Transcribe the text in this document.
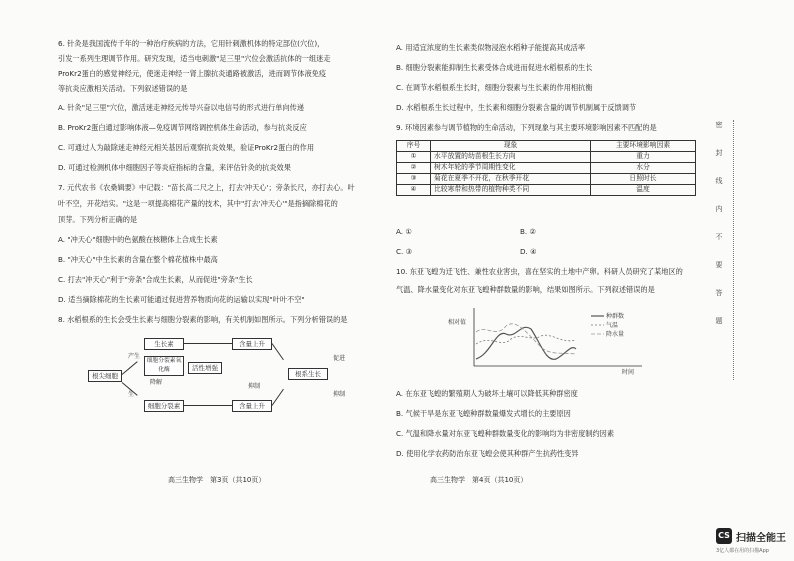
6. 针灸是我国流传千年的一种治疗疾病的方法，它用针刺激机体的特定部位(穴位)，

引发一系列生理调节作用。研究发现，适当电刺激"足三里"穴位会激活抗体的一组迷走

ProKr2蛋白的感觉神经元，使迷走神经一肾上腺抗炎通路被激活，进而调节体液免疫

等抗炎应激相关活动。下列叙述错误的是

A. 针灸"足三里"穴位，激活迷走神经元传导兴奋以电信号的形式进行单向传递

B. ProKr2蛋白通过影响体液—免疫调节网络调控机体生命活动，参与抗炎反应

C. 可通过人为敲除迷走神经元相关基因后观察抗炎效果，验证ProKr2蛋白的作用

D. 可通过检测机体中细胞因子等炎症指标的含量，来评估针灸的抗炎效果

7. 元代农书《农桑辑要》中记载："苗长高二尺之上，打去'冲天心'；旁条长尺，亦打去心。叶

叶不空，开花结实。"这是一项提高棉花产量的技术，其中"打去'冲天心'"是指摘除棉花的

顶芽。下列分析正确的是

A. "冲天心"细胞中的色氨酸在核糖体上合成生长素

B. "冲天心"中生长素的含量在整个棉花植株中最高

C. 打去"冲天心"利于"旁条"合成生长素，从而促进"旁条"生长

D. 适当摘除棉花的生长素可能通过促进营养物质向花的运输以实现"叶叶不空"

8. 水稻根系的生长会受生长素与细胞分裂素的影响，有关机制如图所示。下列分析错误的是

根尖细胞
产生
生
生长素
细胞分裂素
细胞分裂素氧化酶	活性增强
降解
含量上升
含量上升
抑制
根系生长
促进
抑制

高三生物学　第3页（共10页）

A. 用适宜浓度的生长素类似物浸泡水稻种子能提高其成活率

B. 细胞分裂素能抑制生长素受体合成进而促进水稻根系的生长

C. 在调节水稻根系生长时，细胞分裂素与生长素的作用相抗衡

D. 水稻根系生长过程中，生长素和细胞分裂素含量的调节机制属于反馈调节

9. 环境因素参与调节植物的生命活动，下列现象与其主要环境影响因素不匹配的是

序号	现象	主要环境影响因素
①	水平放置的幼苗根生长方向	重力
②	树木年轮的季节周期性变化	水分
③	菊花在夏季不开花，在秋季开花	日照时长
④	比较寒带和热带的植物种类不同	温度

A. ①	B. ②

C. ③	D. ④

10. 东亚飞蝗为迁飞性、兼性农业害虫，喜在坚实的土地中产卵。科研人员研究了某地区的

气温、降水量变化对东亚飞蝗种群数量的影响，结果如图所示。下列叙述错误的是

相对值
时间
种群数
气温
降水量

A. 在东亚飞蝗的繁殖期人为破坏土壤可以降低其种群密度

B. 气候干旱是东亚飞蝗种群数量爆发式增长的主要原因

C. 气温和降水量对东亚飞蝗种群数量变化的影响均为非密度制约因素

D. 使用化学农药防治东亚飞蝗会使其种群产生抗药性变异

高三生物学　第4页（共10页）

密
封
线
内
不
要
答
题
CS 扫描全能王
3亿人都在用的扫描App
